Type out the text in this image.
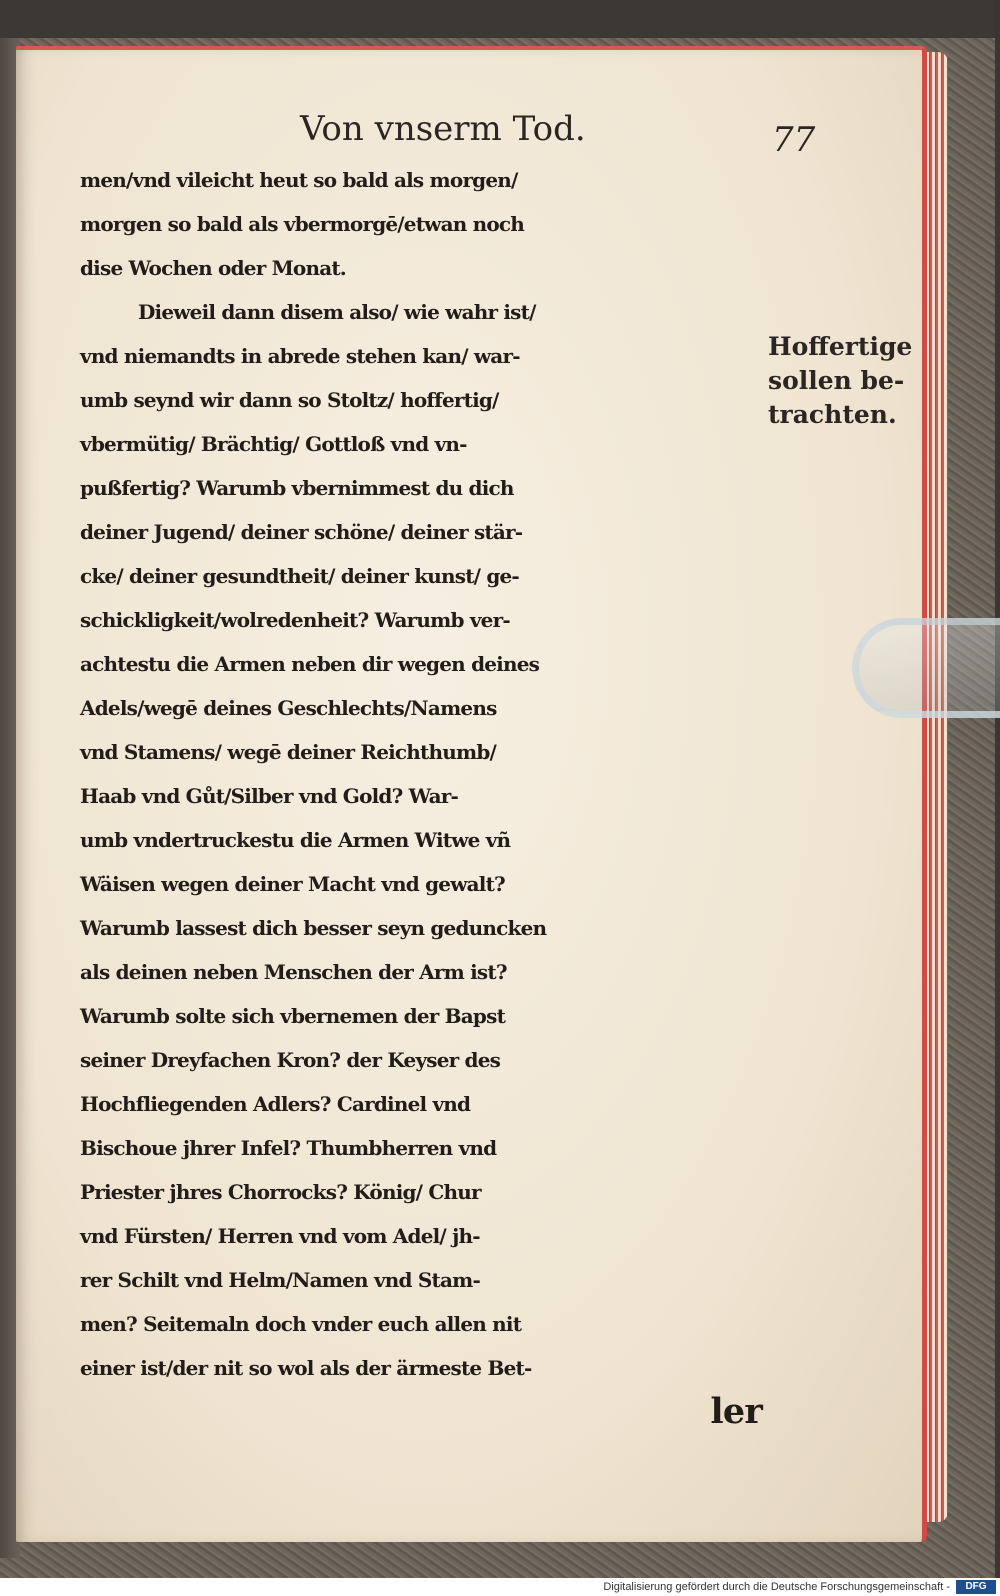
Von vnserm Tod.	77
men/vnd vileicht heut so bald als morgen/
morgen so bald als vbermorgē/etwan noch
dise Wochen oder Monat.
Dieweil dann disem also/ wie wahr ist/
vnd niemandts in abrede stehen kan/ war-
umb seynd wir dann so Stoltz/ hoffertig/
vbermütig/ Brächtig/ Gottloß vnd vn-
pußfertig? Warumb vbernimmest du dich
deiner Jugend/ deiner schöne/ deiner stär-
cke/ deiner gesundtheit/ deiner kunst/ ge-
schickligkeit/wolredenheit? Warumb ver-
achtestu die Armen neben dir wegen deines
Adels/wegē deines Geschlechts/Namens
vnd Stamens/ wegē deiner Reichthumb/
Haab vnd Gůt/Silber vnd Gold? War-
umb vndertruckestu die Armen Witwe vñ
Wäisen wegen deiner Macht vnd gewalt?
Warumb lassest dich besser seyn geduncken
als deinen neben Menschen der Arm ist?
Warumb solte sich vbernemen der Bapst
seiner Dreyfachen Kron? der Keyser des
Hochfliegenden Adlers? Cardinel vnd
Bischoue jhrer Infel? Thumbherren vnd
Priester jhres Chorrocks? König/ Chur
vnd Fürsten/ Herren vnd vom Adel/ jh-
rer Schilt vnd Helm/Namen vnd Stam-
men? Seitemaln doch vnder euch allen nit
einer ist/der nit so wol als der ärmeste Bet-
ler
Hoffertige
sollen be-
trachten.
Digitalisierung gefördert durch die Deutsche Forschungsgemeinschaft -	DFG
